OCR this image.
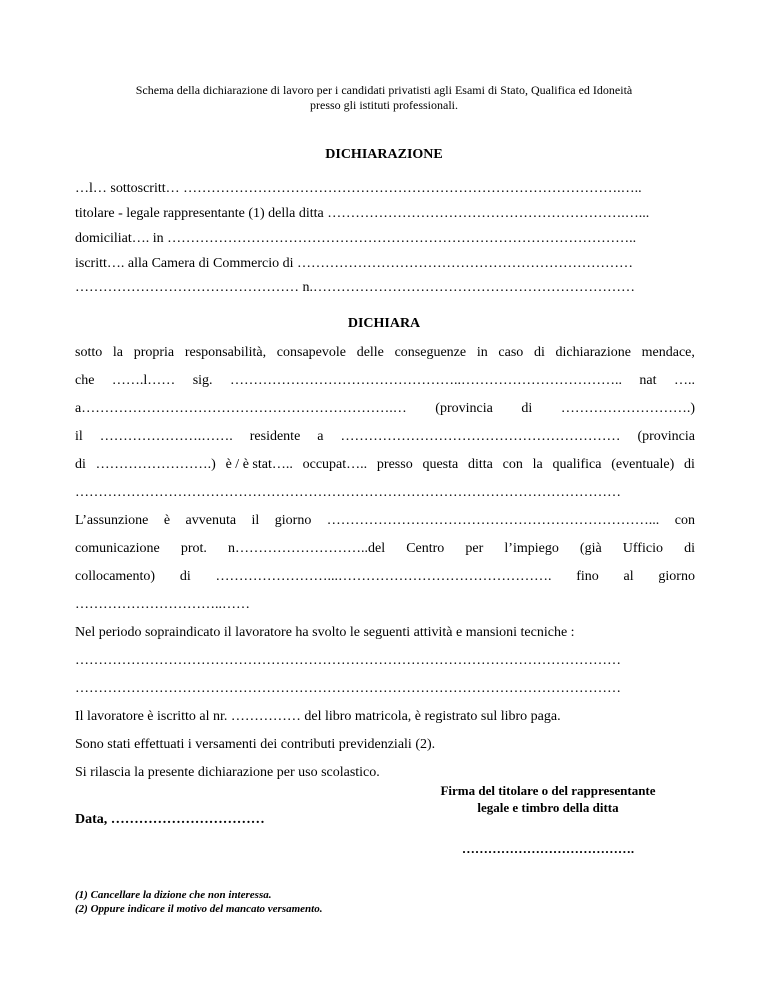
Schema della dichiarazione di lavoro per i candidati privatisti agli Esami di Stato, Qualifica ed Idoneità
presso gli istituti professionali.
DICHIARAZIONE
…l… sottoscritt… ………………………………………………………………………………….…..
titolare - legale rappresentante (1) della ditta ……………………………………………………….…...
domiciliat…. in ………………………………………………………………………………………..
iscritt…. alla Camera di Commercio di ………………………………………………………………
………………………………………… n.……………………………………………………………
DICHIARA
sotto la propria responsabilità, consapevole delle conseguenze in caso di dichiarazione mendace,
che …….l…… sig. …………………………………………..…………………………….. nat …..
a………………………………………………………….… (provincia di ……………………….)
il ………………….……. residente a …………………………………………………… (provincia
di …………………….) è / è stat….. occupat….. presso questa ditta con la qualifica (eventuale) di
………………………………………………………………………………………………………
L’assunzione è avvenuta il giorno ……………………………………………………………... con
comunicazione prot. n………………………..del Centro per l’impiego (già Ufficio di
collocamento) di ……………………...………………………………………. fino al giorno
…………………………..……
Nel periodo sopraindicato il lavoratore ha svolto le seguenti attività e mansioni tecniche :
………………………………………………………………………………………………………
………………………………………………………………………………………………………
Il lavoratore è iscritto al nr. …………… del libro matricola, è registrato sul libro paga.
Sono stati effettuati i versamenti dei contributi previdenziali (2).
Si rilascia la presente dichiarazione per uso scolastico.
Data, ……………………………
Firma del titolare o del rappresentante
legale e timbro della ditta
………………………………….
(1) Cancellare la dizione che non interessa.
(2) Oppure indicare il motivo del mancato versamento.
